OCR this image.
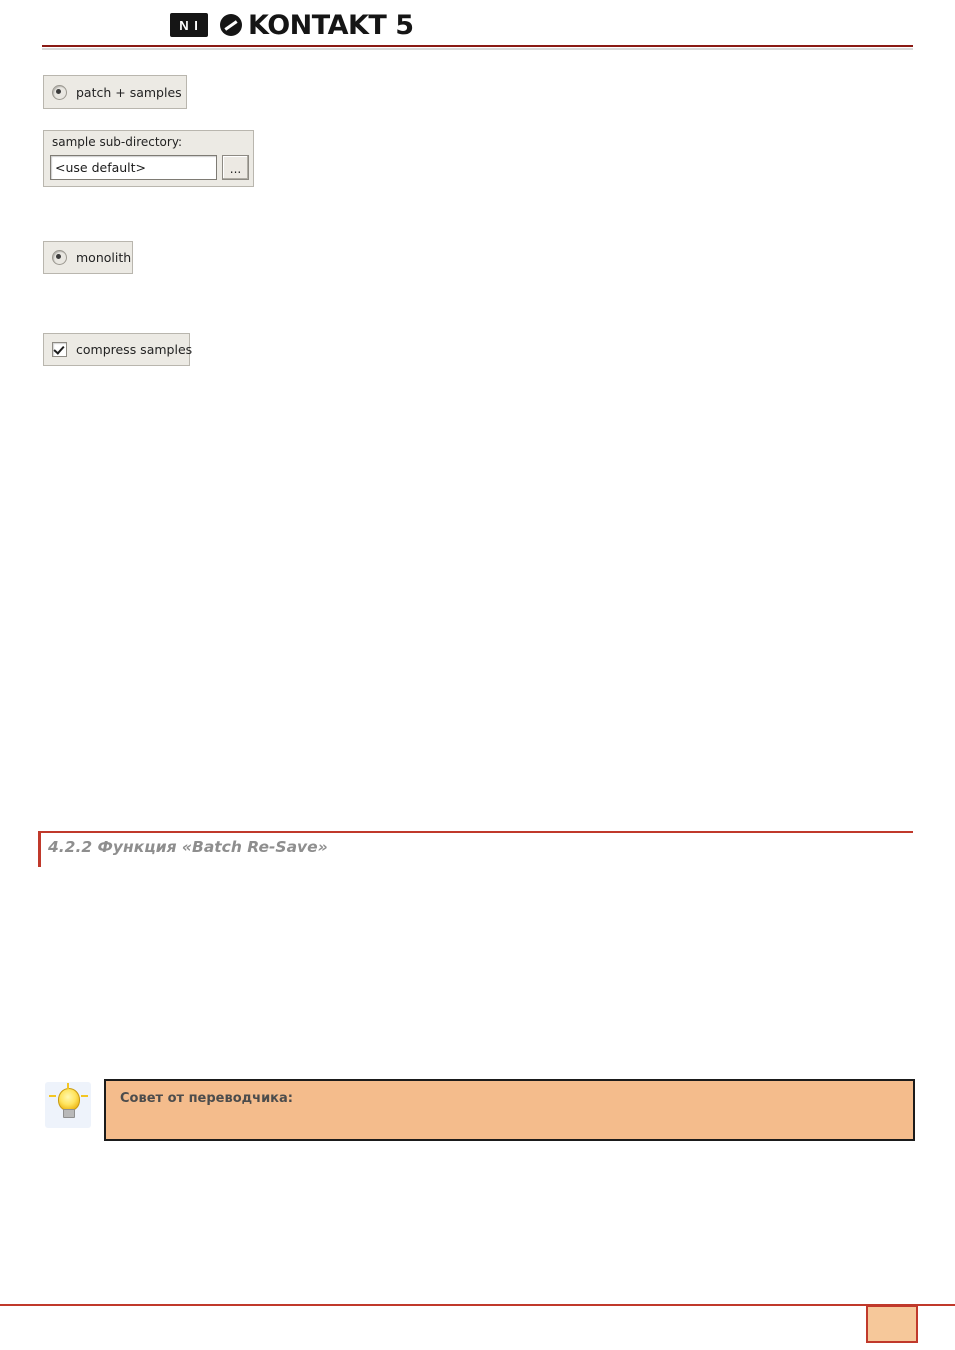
N I	KONTAKT 5
patch + samples
sample sub-directory:
<use default>	...
monolith
compress samples
4.2.2 Функция «Batch Re-Save»
Совет от переводчика:
